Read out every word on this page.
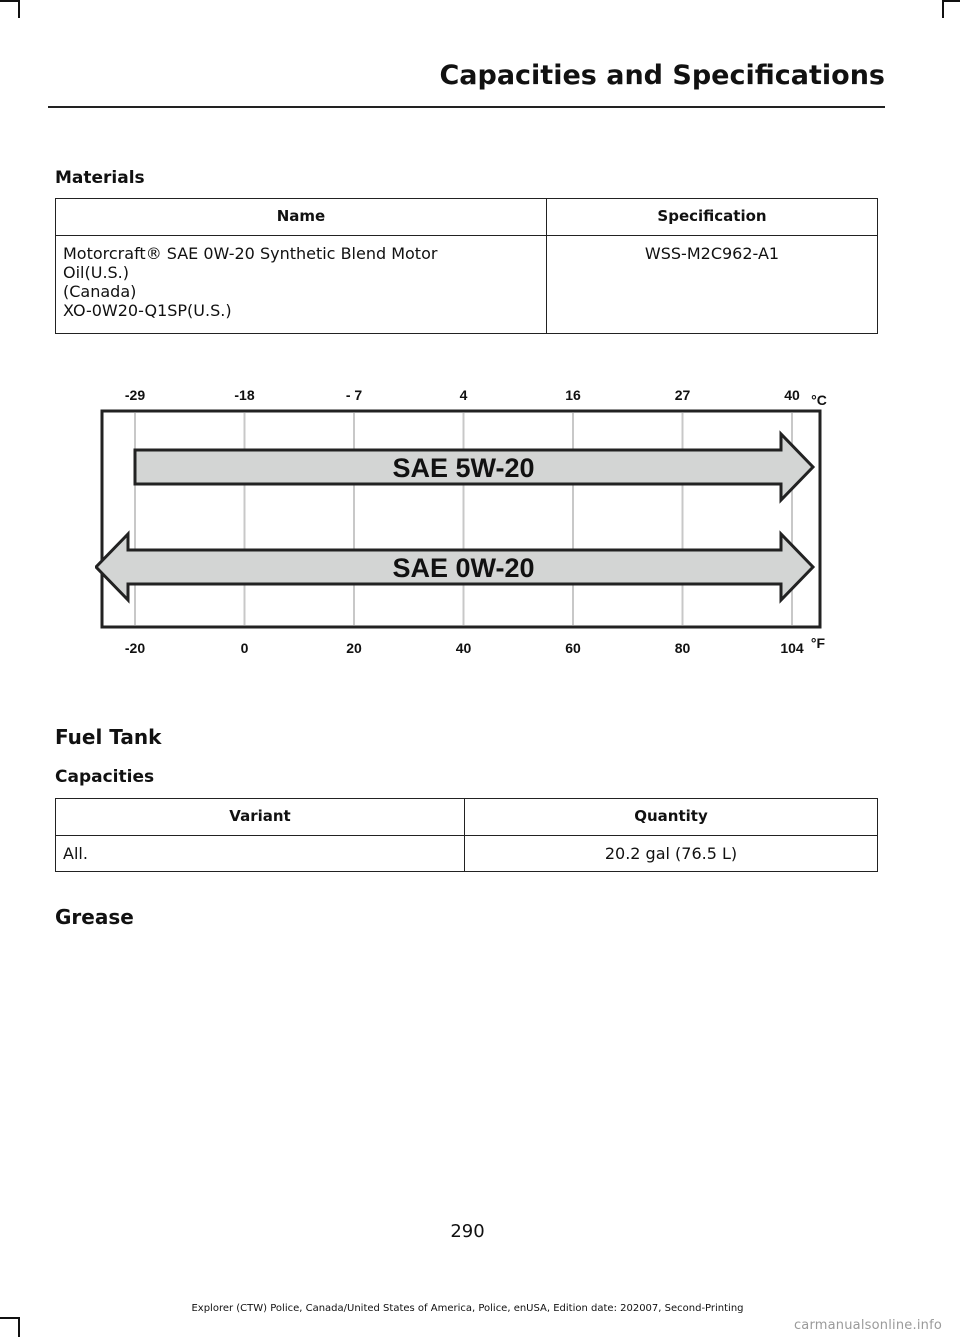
Capacities and Specifications
Materials
Name	Specification

Motorcraft® SAE 0W-20 Synthetic Blend Motor
Oil(U.S.)
(Canada)
XO-0W20-Q1SP(U.S.)	WSS-M2C962-A1
-29	-18	- 7	4	16	27	40
-20	0	20	40	60	80	104
°C
°F
SAE 5W-20
SAE 0W-20
Fuel Tank
Capacities
Variant	Quantity
All.	20.2 gal (76.5 L)
Grease
290
Explorer (CTW) Police, Canada/United States of America, Police, enUSA, Edition date: 202007, Second-Printing
carmanualsonline.info
